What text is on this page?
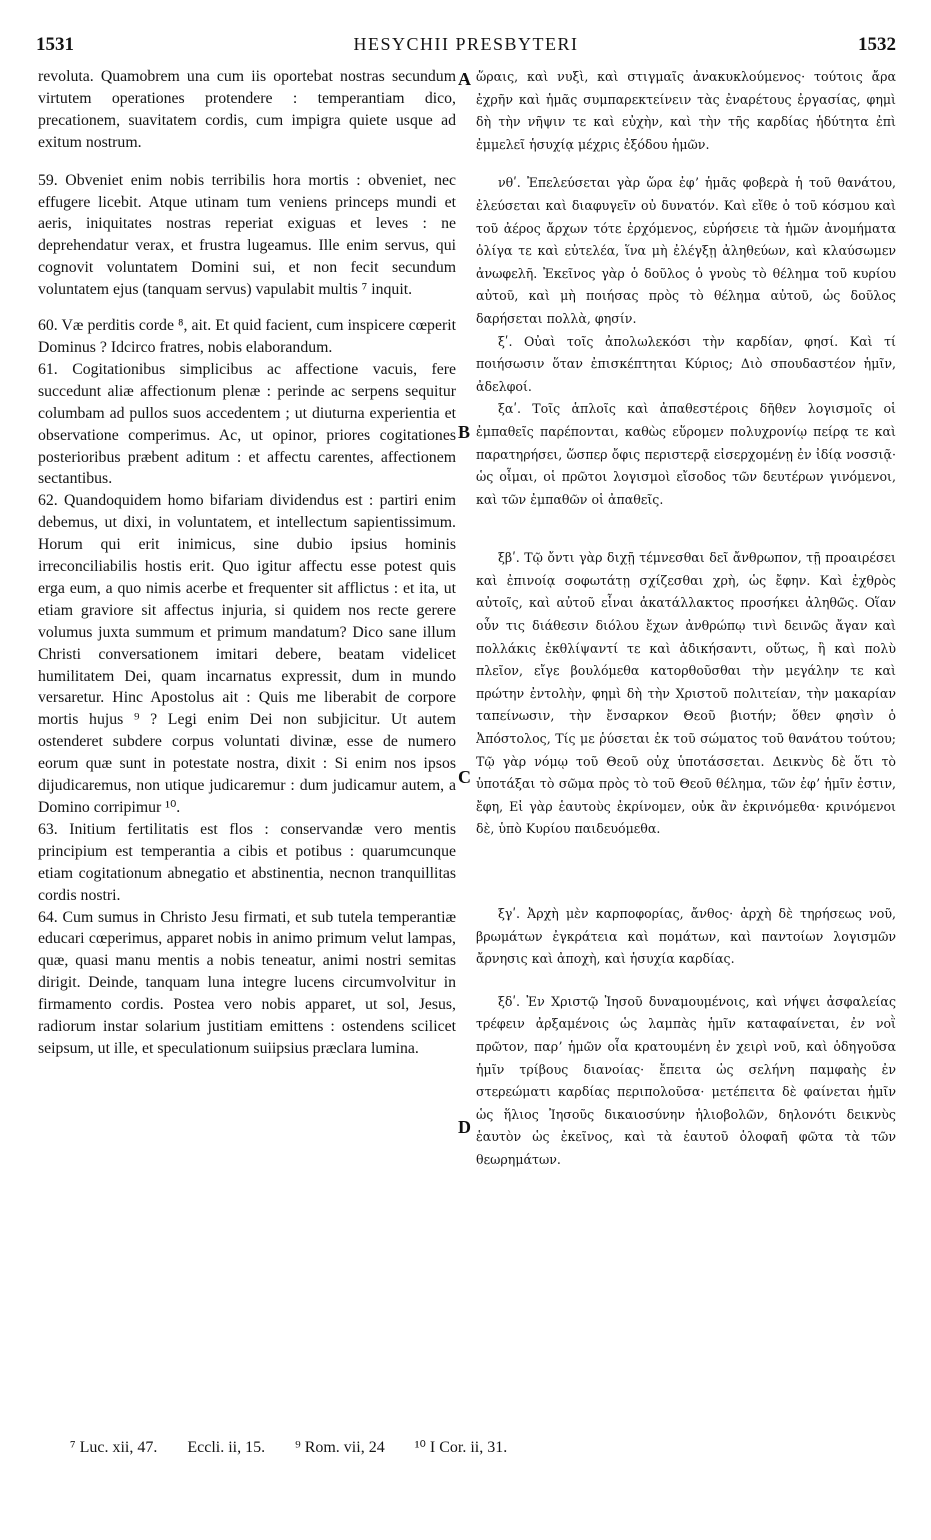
1531	HESYCHII PRESBYTERI	1532

revoluta. Quamobrem una cum iis oportebat nostras secundum virtutem operationes protendere : temperantiam dico, precationem, suavitatem cordis, cum impigra quiete usque ad exitum nostrum.

59. Obveniet enim nobis terribilis hora mortis : obveniet, nec effugere licebit. Atque utinam tum veniens princeps mundi et aeris, iniquitates nostras reperiat exiguas et leves : ne deprehendatur verax, et frustra lugeamus. Ille enim servus, qui cognovit voluntatem Domini sui, et non fecit secundum voluntatem ejus (tanquam servus) vapulabit multis ⁷ inquit.

60. Væ perditis corde ⁸, ait. Et quid facient, cum inspicere cœperit Dominus ? Idcirco fratres, nobis elaborandum.

61. Cogitationibus simplicibus ac affectione vacuis, fere succedunt aliæ affectionum plenæ : perinde ac serpens sequitur columbam ad pullos suos accedentem ; ut diuturna experientia et observatione comperimus. Ac, ut opinor, priores cogitationes posterioribus præbent aditum : et affectu carentes, affectionem sectantibus.

62. Quandoquidem homo bifariam dividendus est : partiri enim debemus, ut dixi, in voluntatem, et intellectum sapientissimum. Horum qui erit inimicus, sine dubio ipsius hominis irreconciliabilis hostis erit. Quo igitur affectu esse potest quis erga eum, a quo nimis acerbe et frequenter sit afflictus : et ita, ut etiam graviore sit affectus injuria, si quidem nos recte gerere volumus juxta summum et primum mandatum? Dico sane illum Christi conversationem imitari debere, beatam videlicet humilitatem Dei, quam incarnatus expressit, dum in mundo versaretur. Hinc Apostolus ait : Quis me liberabit de corpore mortis hujus ⁹ ? Legi enim Dei non subjicitur. Ut autem ostenderet subdere corpus voluntati divinæ, esse de numero eorum quæ sunt in potestate nostra, dixit : Si enim nos ipsos dijudicaremus, non utique judicaremur : dum judicamur autem, a Domino corripimur ¹⁰.

63. Initium fertilitatis est flos : conservandæ vero mentis principium est temperantia a cibis et potibus : quarumcunque etiam cogitationum abnegatio et abstinentia, necnon tranquillitas cordis nostri.

64. Cum sumus in Christo Jesu firmati, et sub tutela temperantiæ educari cœperimus, apparet nobis in animo primum velut lampas, quæ, quasi manu mentis a nobis teneatur, animi nostri semitas dirigit. Deinde, tanquam luna integre lucens circumvolvitur in firmamento cordis. Postea vero nobis apparet, ut sol, Jesus, radiorum instar solarium justitiam emittens : ostendens scilicet seipsum, ut ille, et speculationum suiipsius præclara lumina.

A
B
C
D

ὥραις, καὶ νυξὶ, καὶ στιγμαῖς ἀνακυκλούμενος· τούτοις ἄρα ἐχρῆν καὶ ἡμᾶς συμπαρεκτείνειν τὰς ἐναρέτους ἐργασίας, φημὶ δὴ τὴν νῆψιν τε καὶ εὐχὴν, καὶ τὴν τῆς καρδίας ἡδύτητα ἐπὶ ἐμμελεῖ ἡσυχίᾳ μέχρις ἐξόδου ἡμῶν.

νθʹ. Ἐπελεύσεται γὰρ ὥρα ἐφʼ ἡμᾶς φοβερὰ ἡ τοῦ θανάτου, ἐλεύσεται καὶ διαφυγεῖν οὐ δυνατόν. Καὶ εἴθε ὁ τοῦ κόσμου καὶ τοῦ ἀέρος ἄρχων τότε ἐρχόμενος, εὑρήσειε τὰ ἡμῶν ἀνομήματα ὀλίγα τε καὶ εὐτελέα, ἵνα μὴ ἐλέγξῃ ἀληθεύων, καὶ κλαύσωμεν ἀνωφελῆ. Ἐκεῖνος γὰρ ὁ δοῦλος ὁ γνοὺς τὸ θέλημα τοῦ κυρίου αὐτοῦ, καὶ μὴ ποιήσας πρὸς τὸ θέλημα αὐτοῦ, ὡς δοῦλος δαρήσεται πολλὰ, φησίν.

ξʹ. Οὐαὶ τοῖς ἀπολωλεκόσι τὴν καρδίαν, φησί. Καὶ τί ποιήσωσιν ὅταν ἐπισκέπτηται Κύριος; Διὸ σπουδαστέον ἡμῖν, ἀδελφοί.

ξαʹ. Τοῖς ἁπλοῖς καὶ ἀπαθεστέροις δῆθεν λογισμοῖς οἱ ἐμπαθεῖς παρέπονται, καθὼς εὕρομεν πολυχρονίῳ πείρᾳ τε καὶ παρατηρήσει, ὥσπερ ὄφις περιστερᾷ εἰσερχομένῃ ἐν ἰδίᾳ νοσσιᾷ· ὡς οἶμαι, οἱ πρῶτοι λογισμοὶ εἴσοδος τῶν δευτέρων γινόμενοι, καὶ τῶν ἐμπαθῶν οἱ ἀπαθεῖς.

ξβʹ. Τῷ ὄντι γὰρ διχῇ τέμνεσθαι δεῖ ἄνθρωπον, τῇ προαιρέσει καὶ ἐπινοίᾳ σοφωτάτῃ σχίζεσθαι χρὴ, ὡς ἔφην. Καὶ ἐχθρὸς αὐτοῖς, καὶ αὐτοῦ εἶναι ἀκατάλλακτος προσήκει ἀληθῶς. Οἵαν οὖν τις διάθεσιν διόλου ἔχων ἀνθρώπῳ τινὶ δεινῶς ἄγαν καὶ πολλάκις ἐκθλίψαντί τε καὶ ἀδικήσαντι, οὕτως, ἢ καὶ πολὺ πλεῖον, εἴγε βουλόμεθα κατορθοῦσθαι τὴν μεγάλην τε καὶ πρώτην ἐντολὴν, φημὶ δὴ τὴν Χριστοῦ πολιτείαν, τὴν μακαρίαν ταπείνωσιν, τὴν ἔνσαρκον Θεοῦ βιοτήν; ὅθεν φησὶν ὁ Ἀπόστολος, Τίς με ῥύσεται ἐκ τοῦ σώματος τοῦ θανάτου τούτου; Τῷ γὰρ νόμῳ τοῦ Θεοῦ οὐχ ὑποτάσσεται. Δεικνὺς δὲ ὅτι τὸ ὑποτάξαι τὸ σῶμα πρὸς τὸ τοῦ Θεοῦ θέλημα, τῶν ἐφʼ ἡμῖν ἐστιν, ἔφη, Εἰ γὰρ ἑαυτοὺς ἐκρίνομεν, οὐκ ἂν ἐκρινόμεθα· κρινόμενοι δὲ, ὑπὸ Κυρίου παιδευόμεθα.

ξγʹ. Ἀρχὴ μὲν καρποφορίας, ἄνθος· ἀρχὴ δὲ τηρήσεως νοῦ, βρωμάτων ἐγκράτεια καὶ πομάτων, καὶ παντοίων λογισμῶν ἄρνησις καὶ ἀποχὴ, καὶ ἡσυχία καρδίας.

ξδʹ. Ἐν Χριστῷ Ἰησοῦ δυναμουμένοις, καὶ νήψει ἀσφαλείας τρέφειν ἀρξαμένοις ὡς λαμπὰς ἡμῖν καταφαίνεται, ἐν νοῒ πρῶτον, παρʼ ἡμῶν οἷα κρατουμένη ἐν χειρὶ νοῦ, καὶ ὁδηγοῦσα ἡμῖν τρίβους διανοίας· ἔπειτα ὡς σελήνη παμφαὴς ἐν στερεώματι καρδίας περιπολοῦσα· μετέπειτα δὲ φαίνεται ἡμῖν ὡς ἥλιος Ἰησοῦς δικαιοσύνην ἡλιοβολῶν, δηλονότι δεικνὺς ἑαυτὸν ὡς ἐκεῖνος, καὶ τὰ ἑαυτοῦ ὁλοφαῆ φῶτα τὰ τῶν θεωρημάτων.

⁷ Luc. xii, 47. Eccli. ii, 15. ⁹ Rom. vii, 24 ¹⁰ I Cor. ii, 31.
